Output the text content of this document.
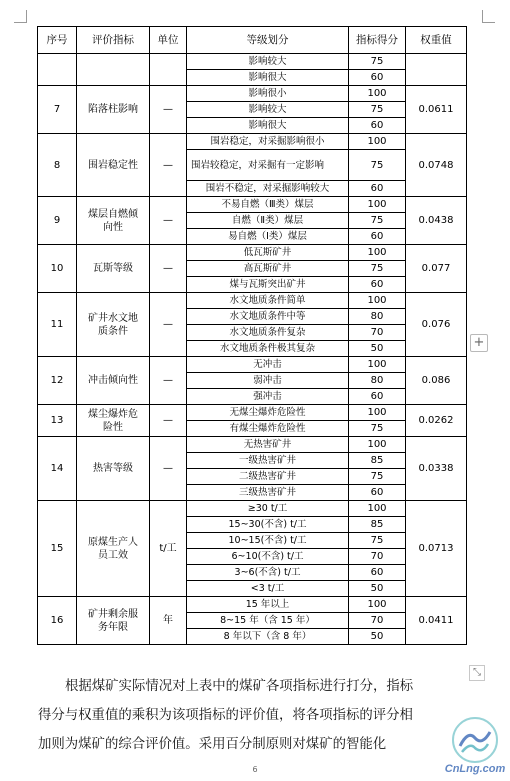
序号	评价指标	单位	等级划分	指标得分	权重值
			影响较大	75	
			影响很大	60	
7	陷落柱影响	—	影响很小	100	0.0611
			影响较大	75	
			影响很大	60	
8	围岩稳定性	—	围岩稳定，对采掘影响很小	100	0.0748
			围岩较稳定，对采掘有一定影响	75	
			围岩不稳定，对采掘影响较大	60	
9	煤层自燃倾向性	—	不易自燃（Ⅲ类）煤层	100	0.0438
			自燃（Ⅱ类）煤层	75	
			易自燃（Ⅰ类）煤层	60	
10	瓦斯等级	—	低瓦斯矿井	100	0.077
			高瓦斯矿井	75	
			煤与瓦斯突出矿井	60	
11	矿井水文地质条件	—	水文地质条件简单	100	0.076
			水文地质条件中等	80	
			水文地质条件复杂	70	
			水文地质条件极其复杂	50	
12	冲击倾向性	—	无冲击	100	0.086
			弱冲击	80	
			强冲击	60	
13	煤尘爆炸危险性	—	无煤尘爆炸危险性	100	0.0262
			有煤尘爆炸危险性	75	
14	热害等级	—	无热害矿井	100	0.0338
			一级热害矿井	85	
			二级热害矿井	75	
			三级热害矿井	60	
15	原煤生产人员工效	t/工	≥30 t/工	100	0.0713
			15~30(不含) t/工	85	
			10~15(不含) t/工	75	
			6~10(不含) t/工	70	
			3~6(不含) t/工	60	
			<3 t/工	50	
16	矿井剩余服务年限	年	15 年以上	100	0.0411
			8~15 年（含 15 年）	70	
			8 年以下（含 8 年）	50	
+
⤡
根据煤矿实际情况对上表中的煤矿各项指标进行打分，指标
得分与权重值的乘积为该项指标的评价值，将各项指标的评分相
加则为煤矿的综合评价值。采用百分制原则对煤矿的智能化
6	CnLng.com
